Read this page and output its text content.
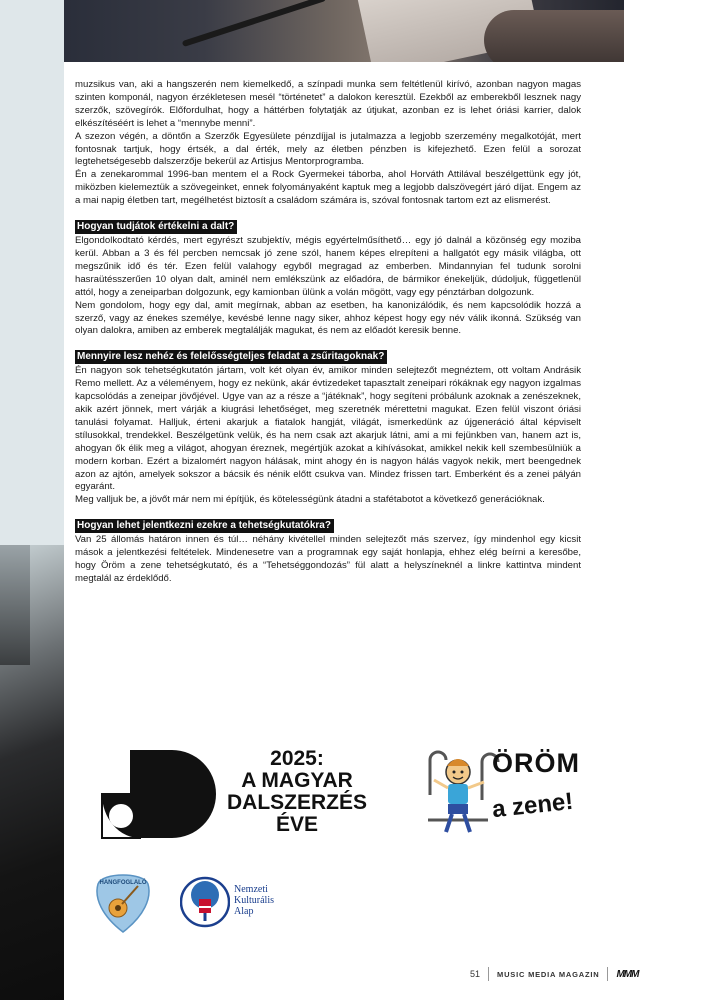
muzsikus van, aki a hangszerén nem kiemelkedő, a színpadi munka sem feltétlenül kirívó, azonban nagyon magas szinten komponál, nagyon érzékletesen mesél “történetet” a dalokon keresztül. Ezekből az emberekből lesznek nagy szerzők, szövegírók. Előfordulhat, hogy a háttérben folytatják az útjukat, azonban ez is lehet óriási karrier, dalok elkészítéséért is lehet a “mennybe menni”.

A szezon végén, a döntőn a Szerzők Egyesülete pénzdíjjal is jutalmazza a legjobb szerzemény megalkotóját, mert fontosnak tartjuk, hogy értsék, a dal érték, mely az életben pénzben is kifejezhető. Ezen felül a sorozat legtehetségesebb dalszerzője bekerül az Artisjus Mentorprogramba.

Én a zenekarommal 1996-ban mentem el a Rock Gyermekei táborba, ahol Horváth Attilával beszélgettünk egy jót, miközben kielemeztük a szövegeinket, ennek folyományaként kaptuk meg a legjobb dalszövegért járó díjat. Engem az a mai napig életben tart, megélhetést biztosít a családom számára is, szóval fontosnak tartom ezt az elismerést.

Hogyan tudjátok értékelni a dalt?

Elgondolkodtató kérdés, mert egyrészt szubjektív, mégis egyértelműsíthető… egy jó dalnál a közönség egy moziba kerül. Abban a 3 és fél percben nemcsak jó zene szól, hanem képes elrepíteni a hallgatót egy másik világba, ott megszűnik idő és tér. Ezen felül valahogy egyből megragad az emberben. Mindannyian fel tudunk sorolni hasraütésszerűen 10 olyan dalt, aminél nem emlékszünk az előadóra, de bármikor énekeljük, dúdoljuk, függetlenül attól, hogy a zeneiparban dolgozunk, egy kamionban ülünk a volán mögött, vagy egy pénztárban dolgozunk.

Nem gondolom, hogy egy dal, amit megírnak, abban az esetben, ha kanonizálódik, és nem kapcsolódik hozzá a szerző, vagy az énekes személye, kevésbé lenne nagy siker, ahhoz képest hogy egy név válik ikonná. Szükség van olyan dalokra, amiben az emberek megtalálják magukat, és nem az előadót keresik benne.

Mennyire lesz nehéz és felelősségteljes feladat a zsűritagoknak?

Én nagyon sok tehetségkutatón jártam, volt két olyan év, amikor minden selejtezőt megnéztem, ott voltam Andrásik Remo mellett. Az a véleményem, hogy ez nekünk, akár évtizedeket tapasztalt zeneipari rókáknak egy nagyon izgalmas kapcsolódás a zeneipar jövőjével. Ugye van az a része a “játéknak”, hogy segíteni próbálunk azoknak a zenészeknek, akik azért jönnek, mert várják a kiugrási lehetőséget, meg szeretnék mérettetni magukat. Ezen felül viszont óriási tanulási folyamat. Halljuk, érteni akarjuk a fiatalok hangját, világát, ismerkedünk az újgeneráció által képviselt stílusokkal, trendekkel. Beszélgetünk velük, és ha nem csak azt akarjuk látni, ami a mi fejünkben van, hanem azt is, ahogyan ők élik meg a világot, ahogyan éreznek, megértjük azokat a kihívásokat, amikkel nekik kell szembesülniük a modern korban. Ezért a bizalomért nagyon hálásak, mint ahogy én is nagyon hálás vagyok nekik, mert beengednek azon az ajtón, amelyek sokszor a bácsik és nénik előtt csukva van. Mindez frissen tart. Emberként és a zenei pályán egyaránt.

Meg valljuk be, a jövőt már nem mi építjük, és kötelességünk átadni a stafétabotot a következő generációknak.

Hogyan lehet jelentkezni ezekre a tehetségkutatókra?

Van 25 állomás határon innen és túl… néhány kivétellel minden selejtezőt más szervez, így mindenhol egy kicsit mások a jelentkezési feltételek. Mindenesetre van a programnak egy saját honlapja, ehhez elég beírni a keresőbe, hogy Öröm a zene tehetségkutató, és a “Tehetséggondozás” fül alatt a helyszíneknél a linkre kattintva mindent megtalál az érdeklődő.

2025:
A MAGYAR
DALSZERZÉS
ÉVE
ÖRÖM
a zene!
HANGFOGLALÓ
Nemzeti
Kulturális
Alap
51 MUSIC MEDIA MAGAZIN MMM
